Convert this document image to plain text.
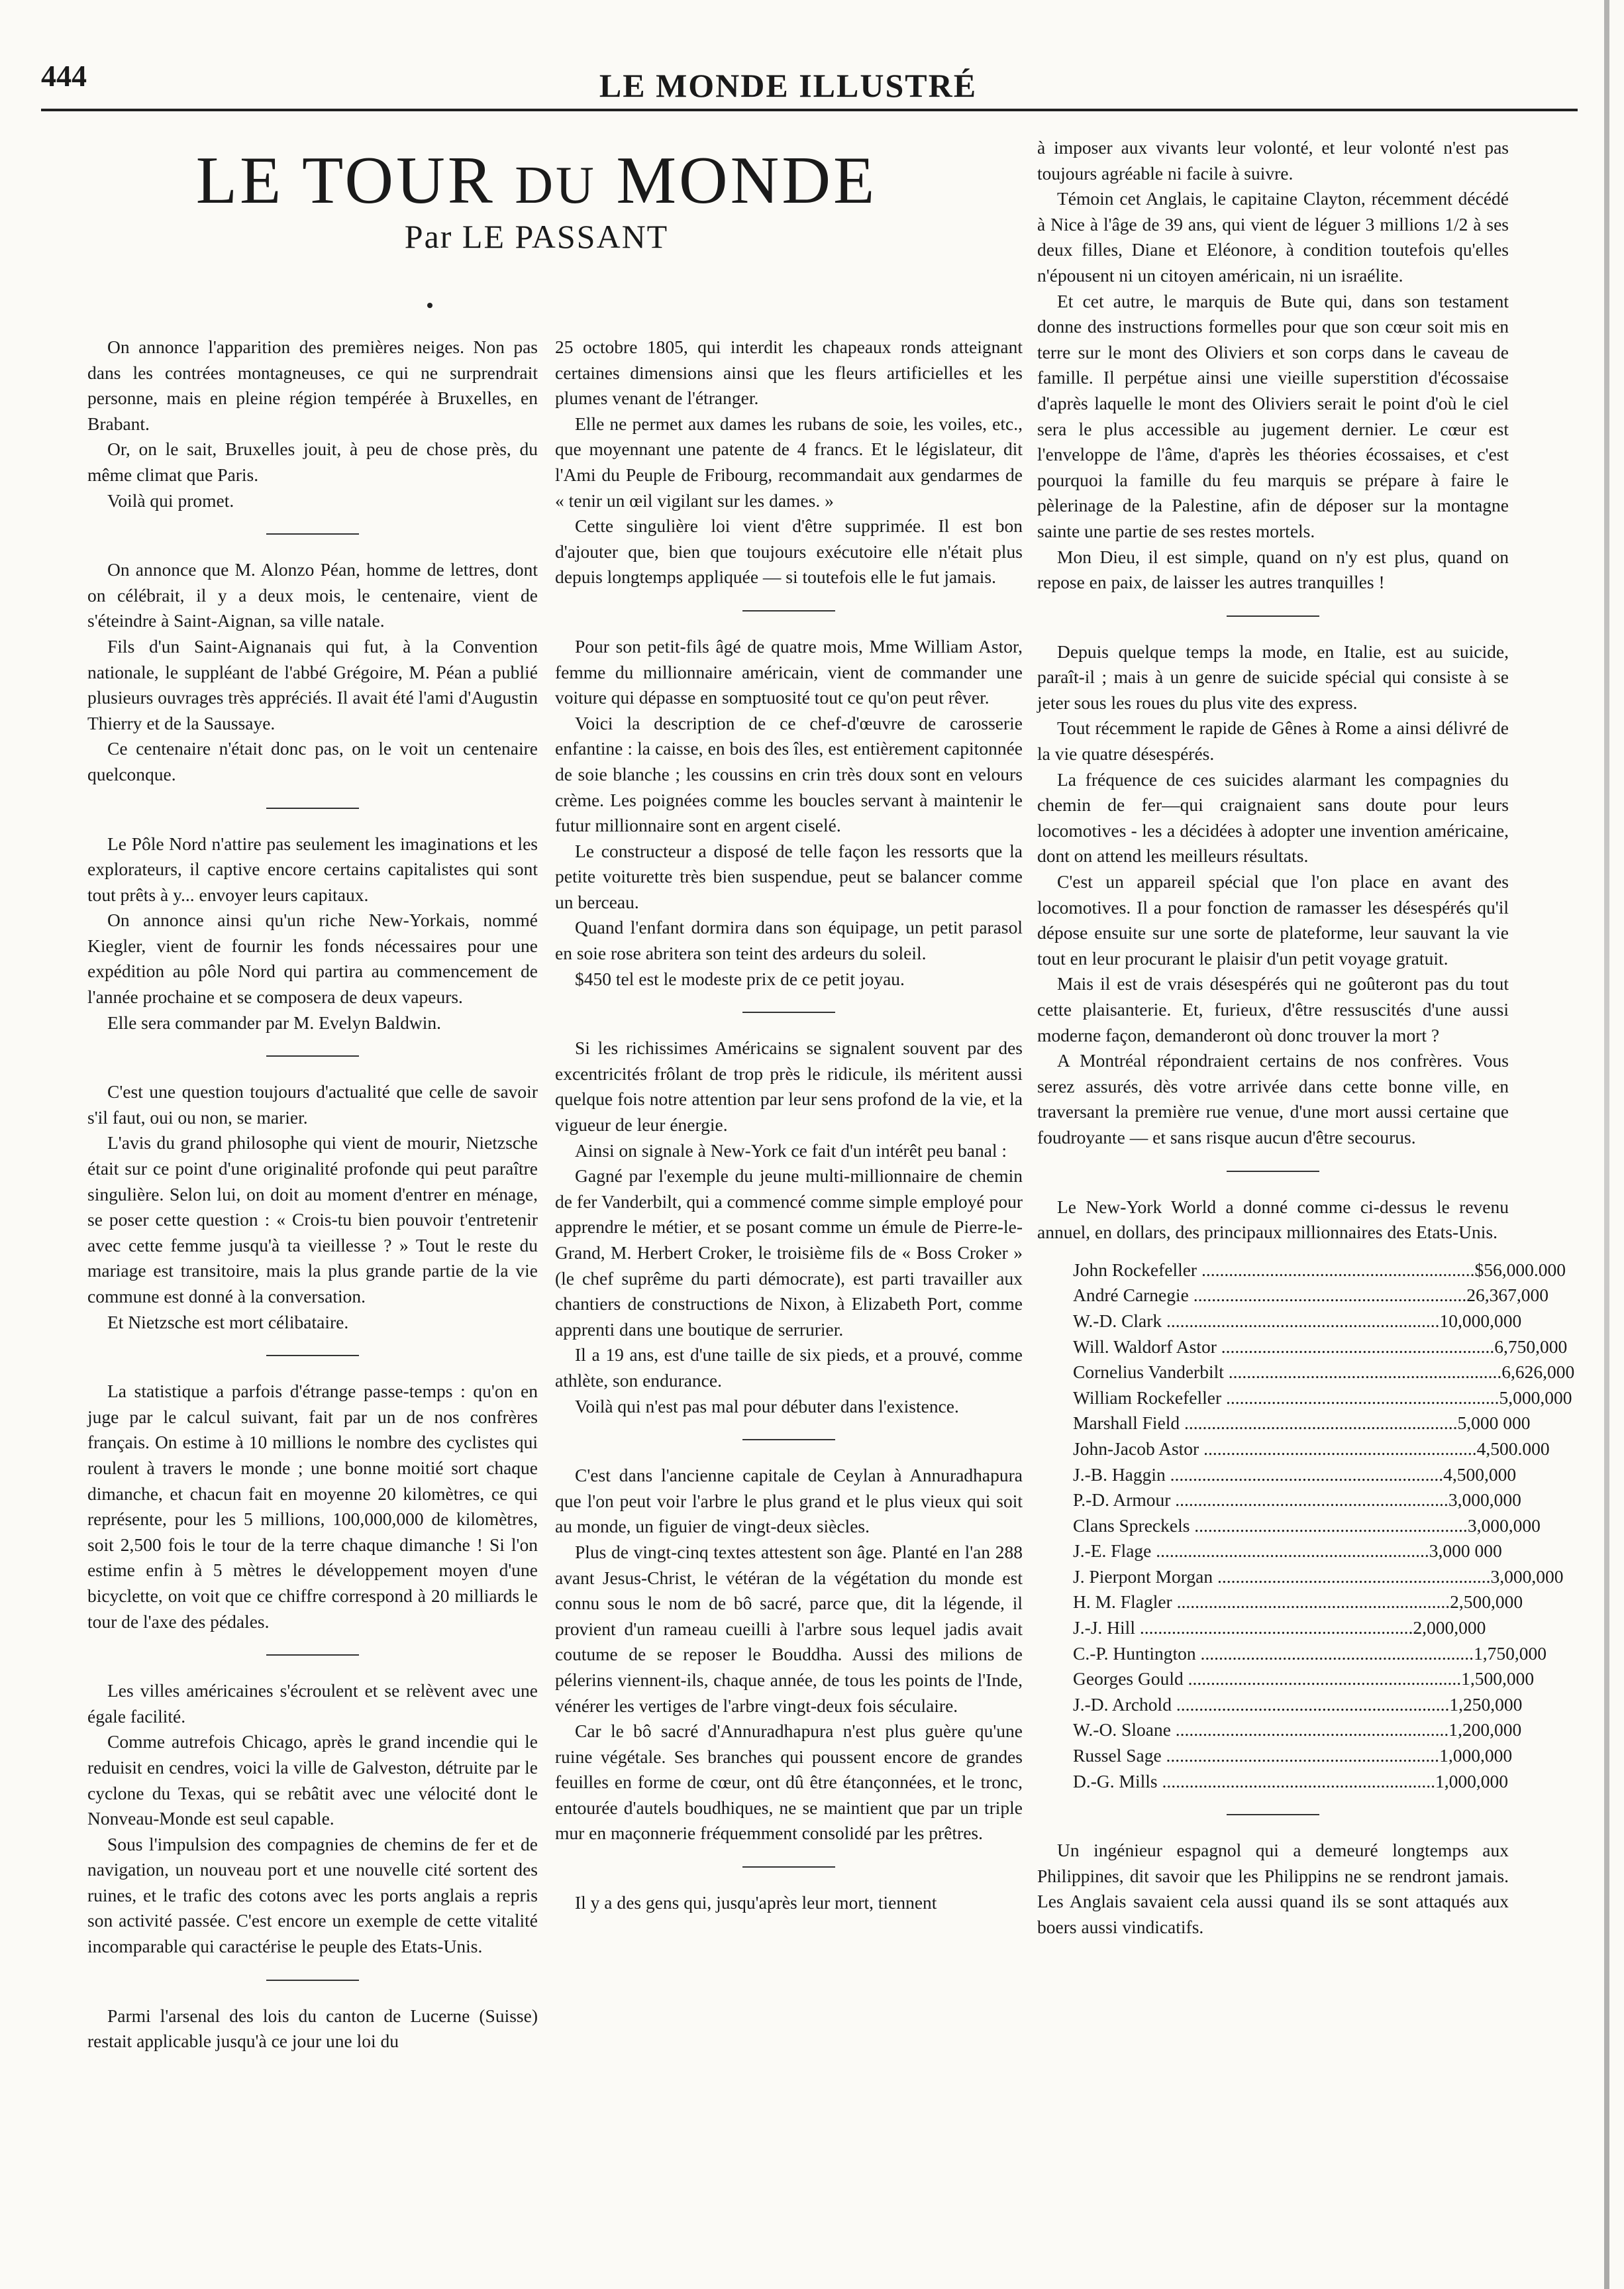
444	LE MONDE ILLUSTRÉ
LE TOUR DU MONDE
Par LE PASSANT

On annonce l'apparition des premières neiges. Non pas dans les contrées montagneuses, ce qui ne surprendrait personne, mais en pleine région tempérée à Bruxelles, en Brabant.

Or, on le sait, Bruxelles jouit, à peu de chose près, du même climat que Paris.

Voilà qui promet.

On annonce que M. Alonzo Péan, homme de lettres, dont on célébrait, il y a deux mois, le centenaire, vient de s'éteindre à Saint-Aignan, sa ville natale.

Fils d'un Saint-Aignanais qui fut, à la Convention nationale, le suppléant de l'abbé Grégoire, M. Péan a publié plusieurs ouvrages très appréciés. Il avait été l'ami d'Augustin Thierry et de la Saussaye.

Ce centenaire n'était donc pas, on le voit un centenaire quelconque.

Le Pôle Nord n'attire pas seulement les imaginations et les explorateurs, il captive encore certains capitalistes qui sont tout prêts à y... envoyer leurs capitaux.

On annonce ainsi qu'un riche New-Yorkais, nommé Kiegler, vient de fournir les fonds nécessaires pour une expédition au pôle Nord qui partira au commencement de l'année prochaine et se composera de deux vapeurs.

Elle sera commander par M. Evelyn Baldwin.

C'est une question toujours d'actualité que celle de savoir s'il faut, oui ou non, se marier.

L'avis du grand philosophe qui vient de mourir, Nietzsche était sur ce point d'une originalité profonde qui peut paraître singulière. Selon lui, on doit au moment d'entrer en ménage, se poser cette question : « Crois-tu bien pouvoir t'entretenir avec cette femme jusqu'à ta vieillesse ? » Tout le reste du mariage est transitoire, mais la plus grande partie de la vie commune est donné à la conversation.

Et Nietzsche est mort célibataire.

La statistique a parfois d'étrange passe-temps : qu'on en juge par le calcul suivant, fait par un de nos confrères français. On estime à 10 millions le nombre des cyclistes qui roulent à travers le monde ; une bonne moitié sort chaque dimanche, et chacun fait en moyenne 20 kilomètres, ce qui représente, pour les 5 millions, 100,000,000 de kilomètres, soit 2,500 fois le tour de la terre chaque dimanche ! Si l'on estime enfin à 5 mètres le développement moyen d'une bicyclette, on voit que ce chiffre correspond à 20 milliards le tour de l'axe des pédales.

Les villes américaines s'écroulent et se relèvent avec une égale facilité.

Comme autrefois Chicago, après le grand incendie qui le reduisit en cendres, voici la ville de Galveston, détruite par le cyclone du Texas, qui se rebâtit avec une vélocité dont le Nonveau-Monde est seul capable.

Sous l'impulsion des compagnies de chemins de fer et de navigation, un nouveau port et une nouvelle cité sortent des ruines, et le trafic des cotons avec les ports anglais a repris son activité passée. C'est encore un exemple de cette vitalité incomparable qui caractérise le peuple des Etats-Unis.

Parmi l'arsenal des lois du canton de Lucerne (Suisse) restait applicable jusqu'à ce jour une loi du

25 octobre 1805, qui interdit les chapeaux ronds atteignant certaines dimensions ainsi que les fleurs artificielles et les plumes venant de l'étranger.

Elle ne permet aux dames les rubans de soie, les voiles, etc., que moyennant une patente de 4 francs. Et le législateur, dit l'Ami du Peuple de Fribourg, recommandait aux gendarmes de « tenir un œil vigilant sur les dames. »

Cette singulière loi vient d'être supprimée. Il est bon d'ajouter que, bien que toujours exécutoire elle n'était plus depuis longtemps appliquée — si toutefois elle le fut jamais.

Pour son petit-fils âgé de quatre mois, Mme William Astor, femme du millionnaire américain, vient de commander une voiture qui dépasse en somptuosité tout ce qu'on peut rêver.

Voici la description de ce chef-d'œuvre de carosserie enfantine : la caisse, en bois des îles, est entièrement capitonnée de soie blanche ; les coussins en crin très doux sont en velours crème. Les poignées comme les boucles servant à maintenir le futur millionnaire sont en argent ciselé.

Le constructeur a disposé de telle façon les ressorts que la petite voiturette très bien suspendue, peut se balancer comme un berceau.

Quand l'enfant dormira dans son équipage, un petit parasol en soie rose abritera son teint des ardeurs du soleil.

$450 tel est le modeste prix de ce petit joyau.

Si les richissimes Américains se signalent souvent par des excentricités frôlant de trop près le ridicule, ils méritent aussi quelque fois notre attention par leur sens profond de la vie, et la vigueur de leur énergie.

Ainsi on signale à New-York ce fait d'un intérêt peu banal :

Gagné par l'exemple du jeune multi-millionnaire de chemin de fer Vanderbilt, qui a commencé comme simple employé pour apprendre le métier, et se posant comme un émule de Pierre-le-Grand, M. Herbert Croker, le troisième fils de « Boss Croker » (le chef suprême du parti démocrate), est parti travailler aux chantiers de constructions de Nixon, à Elizabeth Port, comme apprenti dans une boutique de serrurier.

Il a 19 ans, est d'une taille de six pieds, et a prouvé, comme athlète, son endurance.

Voilà qui n'est pas mal pour débuter dans l'existence.

C'est dans l'ancienne capitale de Ceylan à Annuradhapura que l'on peut voir l'arbre le plus grand et le plus vieux qui soit au monde, un figuier de vingt-deux siècles.

Plus de vingt-cinq textes attestent son âge. Planté en l'an 288 avant Jesus-Christ, le vétéran de la végétation du monde est connu sous le nom de bô sacré, parce que, dit la légende, il provient d'un rameau cueilli à l'arbre sous lequel jadis avait coutume de se reposer le Bouddha. Aussi des milions de pélerins viennent-ils, chaque année, de tous les points de l'Inde, vénérer les vertiges de l'arbre vingt-deux fois séculaire.

Car le bô sacré d'Annuradhapura n'est plus guère qu'une ruine végétale. Ses branches qui poussent encore de grandes feuilles en forme de cœur, ont dû être étançonnées, et le tronc, entourée d'autels boudhiques, ne se maintient que par un triple mur en maçonnerie fréquemment consolidé par les prêtres.

Il y a des gens qui, jusqu'après leur mort, tiennent

à imposer aux vivants leur volonté, et leur volonté n'est pas toujours agréable ni facile à suivre.

Témoin cet Anglais, le capitaine Clayton, récemment décédé à Nice à l'âge de 39 ans, qui vient de léguer 3 millions 1/2 à ses deux filles, Diane et Eléonore, à condition toutefois qu'elles n'épousent ni un citoyen américain, ni un israélite.

Et cet autre, le marquis de Bute qui, dans son testament donne des instructions formelles pour que son cœur soit mis en terre sur le mont des Oliviers et son corps dans le caveau de famille. Il perpétue ainsi une vieille superstition d'écossaise d'après laquelle le mont des Oliviers serait le point d'où le ciel sera le plus accessible au jugement dernier. Le cœur est l'enveloppe de l'âme, d'après les théories écossaises, et c'est pourquoi la famille du feu marquis se prépare à faire le pèlerinage de la Palestine, afin de déposer sur la montagne sainte une partie de ses restes mortels.

Mon Dieu, il est simple, quand on n'y est plus, quand on repose en paix, de laisser les autres tranquilles !

Depuis quelque temps la mode, en Italie, est au suicide, paraît-il ; mais à un genre de suicide spécial qui consiste à se jeter sous les roues du plus vite des express.

Tout récemment le rapide de Gênes à Rome a ainsi délivré de la vie quatre désespérés.

La fréquence de ces suicides alarmant les compagnies du chemin de fer—qui craignaient sans doute pour leurs locomotives - les a décidées à adopter une invention américaine, dont on attend les meilleurs résultats.

C'est un appareil spécial que l'on place en avant des locomotives. Il a pour fonction de ramasser les désespérés qu'il dépose ensuite sur une sorte de plateforme, leur sauvant la vie tout en leur procurant le plaisir d'un petit voyage gratuit.

Mais il est de vrais désespérés qui ne goûteront pas du tout cette plaisanterie. Et, furieux, d'être ressuscités d'une aussi moderne façon, demanderont où donc trouver la mort ?

A Montréal répondraient certains de nos confrères. Vous serez assurés, dès votre arrivée dans cette bonne ville, en traversant la première rue venue, d'une mort aussi certaine que foudroyante — et sans risque aucun d'être secourus.

Le New-York World a donné comme ci-dessus le revenu annuel, en dollars, des principaux millionnaires des Etats-Unis.

John Rockefeller ............................................................ $56,000.000
André Carnegie ............................................................ 26,367,000
W.-D. Clark ............................................................ 10,000,000
Will. Waldorf Astor ............................................................ 6,750,000
Cornelius Vanderbilt ............................................................ 6,626,000
William Rockefeller ............................................................ 5,000,000
Marshall Field ............................................................ 5,000 000
John-Jacob Astor ............................................................ 4,500.000
J.-B. Haggin ............................................................ 4,500,000
P.-D. Armour ............................................................ 3,000,000
Clans Spreckels ............................................................ 3,000,000
J.-E. Flage ............................................................ 3,000 000
J. Pierpont Morgan ............................................................ 3,000,000
H. M. Flagler ............................................................ 2,500,000
J.-J. Hill ............................................................ 2,000,000
C.-P. Huntington ............................................................ 1,750,000
Georges Gould ............................................................ 1,500,000
J.-D. Archold ............................................................ 1,250,000
W.-O. Sloane ............................................................ 1,200,000
Russel Sage ............................................................ 1,000,000
D.-G. Mills ............................................................ 1,000,000

Un ingénieur espagnol qui a demeuré longtemps aux Philippines, dit savoir que les Philippins ne se rendront jamais. Les Anglais savaient cela aussi quand ils se sont attaqués aux boers aussi vindicatifs.
